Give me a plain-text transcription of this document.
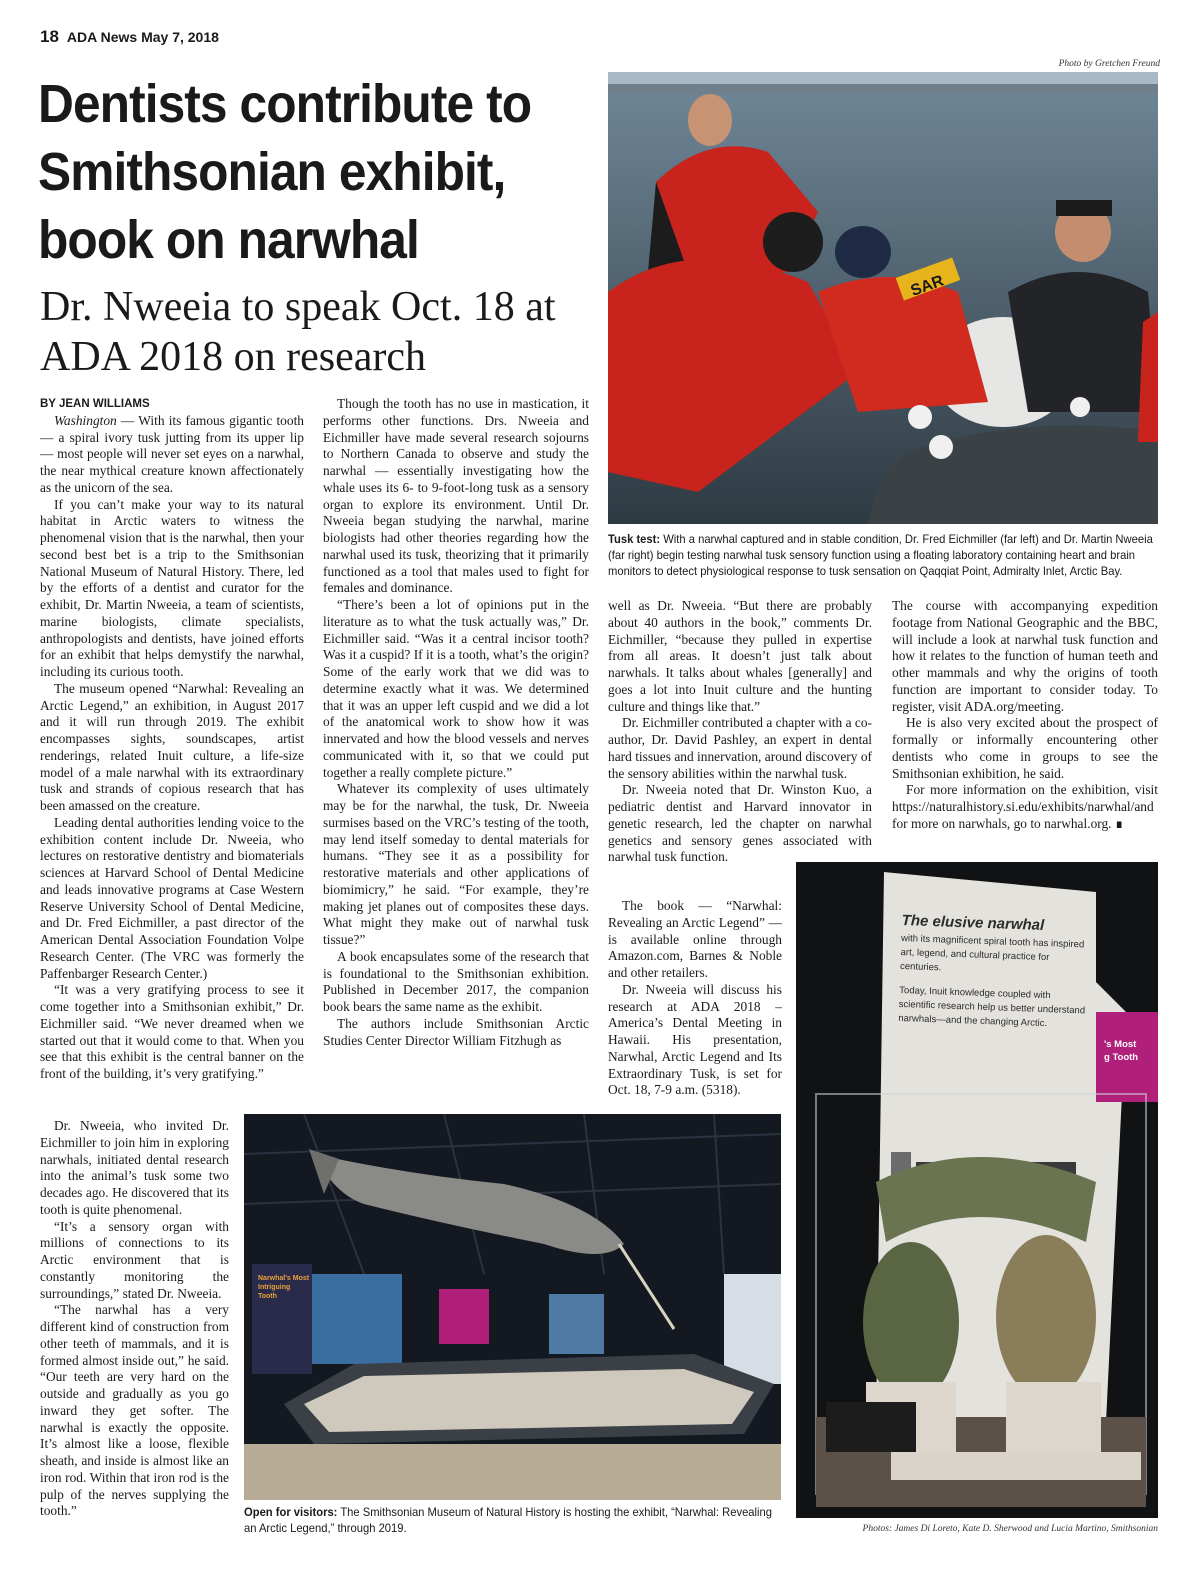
18 ADA News May 7, 2018
Dentists contribute to Smithsonian exhibit, book on narwhal
Dr. Nweeia to speak Oct. 18 at ADA 2018 on research
Photo by Gretchen Freund
SAR
Tusk test: With a narwhal captured and in stable condition, Dr. Fred Eichmiller (far left) and Dr. Martin Nweeia (far right) begin testing narwhal tusk sensory function using a floating laboratory containing heart and brain monitors to detect physiological response to tusk sensation on Qaqqiat Point, Admiralty Inlet, Arctic Bay.

BY JEAN WILLIAMS

Washington — With its famous gigantic tooth — a spiral ivory tusk jutting from its upper lip — most people will never set eyes on a narwhal, the near mythical creature known affectionately as the unicorn of the sea.

If you can’t make your way to its natural habitat in Arctic waters to witness the phenomenal vision that is the narwhal, then your second best bet is a trip to the Smithsonian National Museum of Natural History. There, led by the efforts of a dentist and curator for the exhibit, Dr. Martin Nweeia, a team of scientists, marine biologists, climate specialists, anthropologists and dentists, have joined efforts for an exhibit that helps demystify the narwhal, including its curious tooth.

The museum opened “Narwhal: Revealing an Arctic Legend,” an exhibition, in August 2017 and it will run through 2019. The exhibit encompasses sights, soundscapes, artist renderings, related Inuit culture, a life-size model of a male narwhal with its extraordinary tusk and strands of copious research that has been amassed on the creature.

Leading dental authorities lending voice to the exhibition content include Dr. Nweeia, who lectures on restorative dentistry and biomaterials sciences at Harvard School of Dental Medicine and leads innovative programs at Case Western Reserve University School of Dental Medicine, and Dr. Fred Eichmiller, a past director of the American Dental Association Foundation Volpe Research Center. (The VRC was formerly the Paffenbarger Research Center.)

“It was a very gratifying process to see it come together into a Smithsonian exhibit,” Dr. Eichmiller said. “We never dreamed when we started out that it would come to that. When you see that this exhibit is the central banner on the front of the building, it’s very gratifying.”

Dr. Nweeia, who invited Dr. Eichmiller to join him in exploring narwhals, initiated dental research into the animal’s tusk some two decades ago. He discovered that its tooth is quite phenomenal.

“It’s a sensory organ with millions of connections to its Arctic environment that is constantly monitoring the surroundings,” stated Dr. Nweeia.

“The narwhal has a very different kind of construction from other teeth of mammals, and it is formed almost inside out,” he said. “Our teeth are very hard on the outside and gradually as you go inward they get softer. The narwhal is exactly the opposite. It’s almost like a loose, flexible sheath, and inside is almost like an iron rod. Within that iron rod is the pulp of the nerves supplying the tooth.”

Though the tooth has no use in mastication, it performs other functions. Drs. Nweeia and Eichmiller have made several research sojourns to Northern Canada to observe and study the narwhal — essentially investigating how the whale uses its 6- to 9-foot-long tusk as a sensory organ to explore its environment. Until Dr. Nweeia began studying the narwhal, marine biologists had other theories regarding how the narwhal used its tusk, theorizing that it primarily functioned as a tool that males used to fight for females and dominance.

“There’s been a lot of opinions put in the literature as to what the tusk actually was,” Dr. Eichmiller said. “Was it a central incisor tooth? Was it a cuspid? If it is a tooth, what’s the origin? Some of the early work that we did was to determine exactly what it was. We determined that it was an upper left cuspid and we did a lot of the anatomical work to show how it was innervated and how the blood vessels and nerves communicated with it, so that we could put together a really complete picture.”

Whatever its complexity of uses ultimately may be for the narwhal, the tusk, Dr. Nweeia surmises based on the VRC’s testing of the tooth, may lend itself someday to dental materials for humans. “They see it as a possibility for restorative materials and other applications of biomimicry,” he said. “For example, they’re making jet planes out of composites these days. What might they make out of narwhal tusk tissue?”

A book encapsulates some of the research that is foundational to the Smithsonian exhibition. Published in December 2017, the companion book bears the same name as the exhibit.

The authors include Smithsonian Arctic Studies Center Director William Fitzhugh as

well as Dr. Nweeia. “But there are probably about 40 authors in the book,” comments Dr. Eichmiller, “because they pulled in expertise from all areas. It doesn’t just talk about narwhals. It talks about whales [generally] and goes a lot into Inuit culture and the hunting culture and things like that.”

Dr. Eichmiller contributed a chapter with a co-author, Dr. David Pashley, an expert in dental hard tissues and innervation, around discovery of the sensory abilities within the narwhal tusk.

Dr. Nweeia noted that Dr. Winston Kuo, a pediatric dentist and Harvard innovator in genetic research, led the chapter on narwhal genetics and sensory genes associated with narwhal tusk function.

The book — “Narwhal: Revealing an Arctic Legend” — is available online through Amazon.com, Barnes & Noble and other retailers.

Dr. Nweeia will discuss his research at ADA 2018 – America’s Dental Meeting in Hawaii. His presentation, Narwhal, Arctic Legend and Its Extraordinary Tusk, is set for Oct. 18, 7-9 a.m. (5318).

The course with accompanying expedition footage from National Geographic and the BBC, will include a look at narwhal tusk function and how it relates to the function of human teeth and other mammals and why the origins of tooth function are important to consider today. To register, visit ADA.org/meeting.

He is also very excited about the prospect of formally or informally encountering other dentists who come in groups to see the Smithsonian exhibition, he said.

For more information on the exhibition, visit https://naturalhistory.si.edu/exhibits/narwhal/and for more on narwhals, go to narwhal.org. ∎

The elusive narwhal
with its magnificent spiral tooth has inspired art, legend, and cultural practice for centuries.
Today, Inuit knowledge coupled with scientific research help us better understand narwhals—and the changing Arctic.
's Most
g Tooth
Photos: James Di Loreto, Kate D. Sherwood and Lucia Martino, Smithsonian
Narwhal's Most Intriguing Tooth
Open for visitors: The Smithsonian Museum of Natural History is hosting the exhibit, “Narwhal: Revealing an Arctic Legend,” through 2019.
